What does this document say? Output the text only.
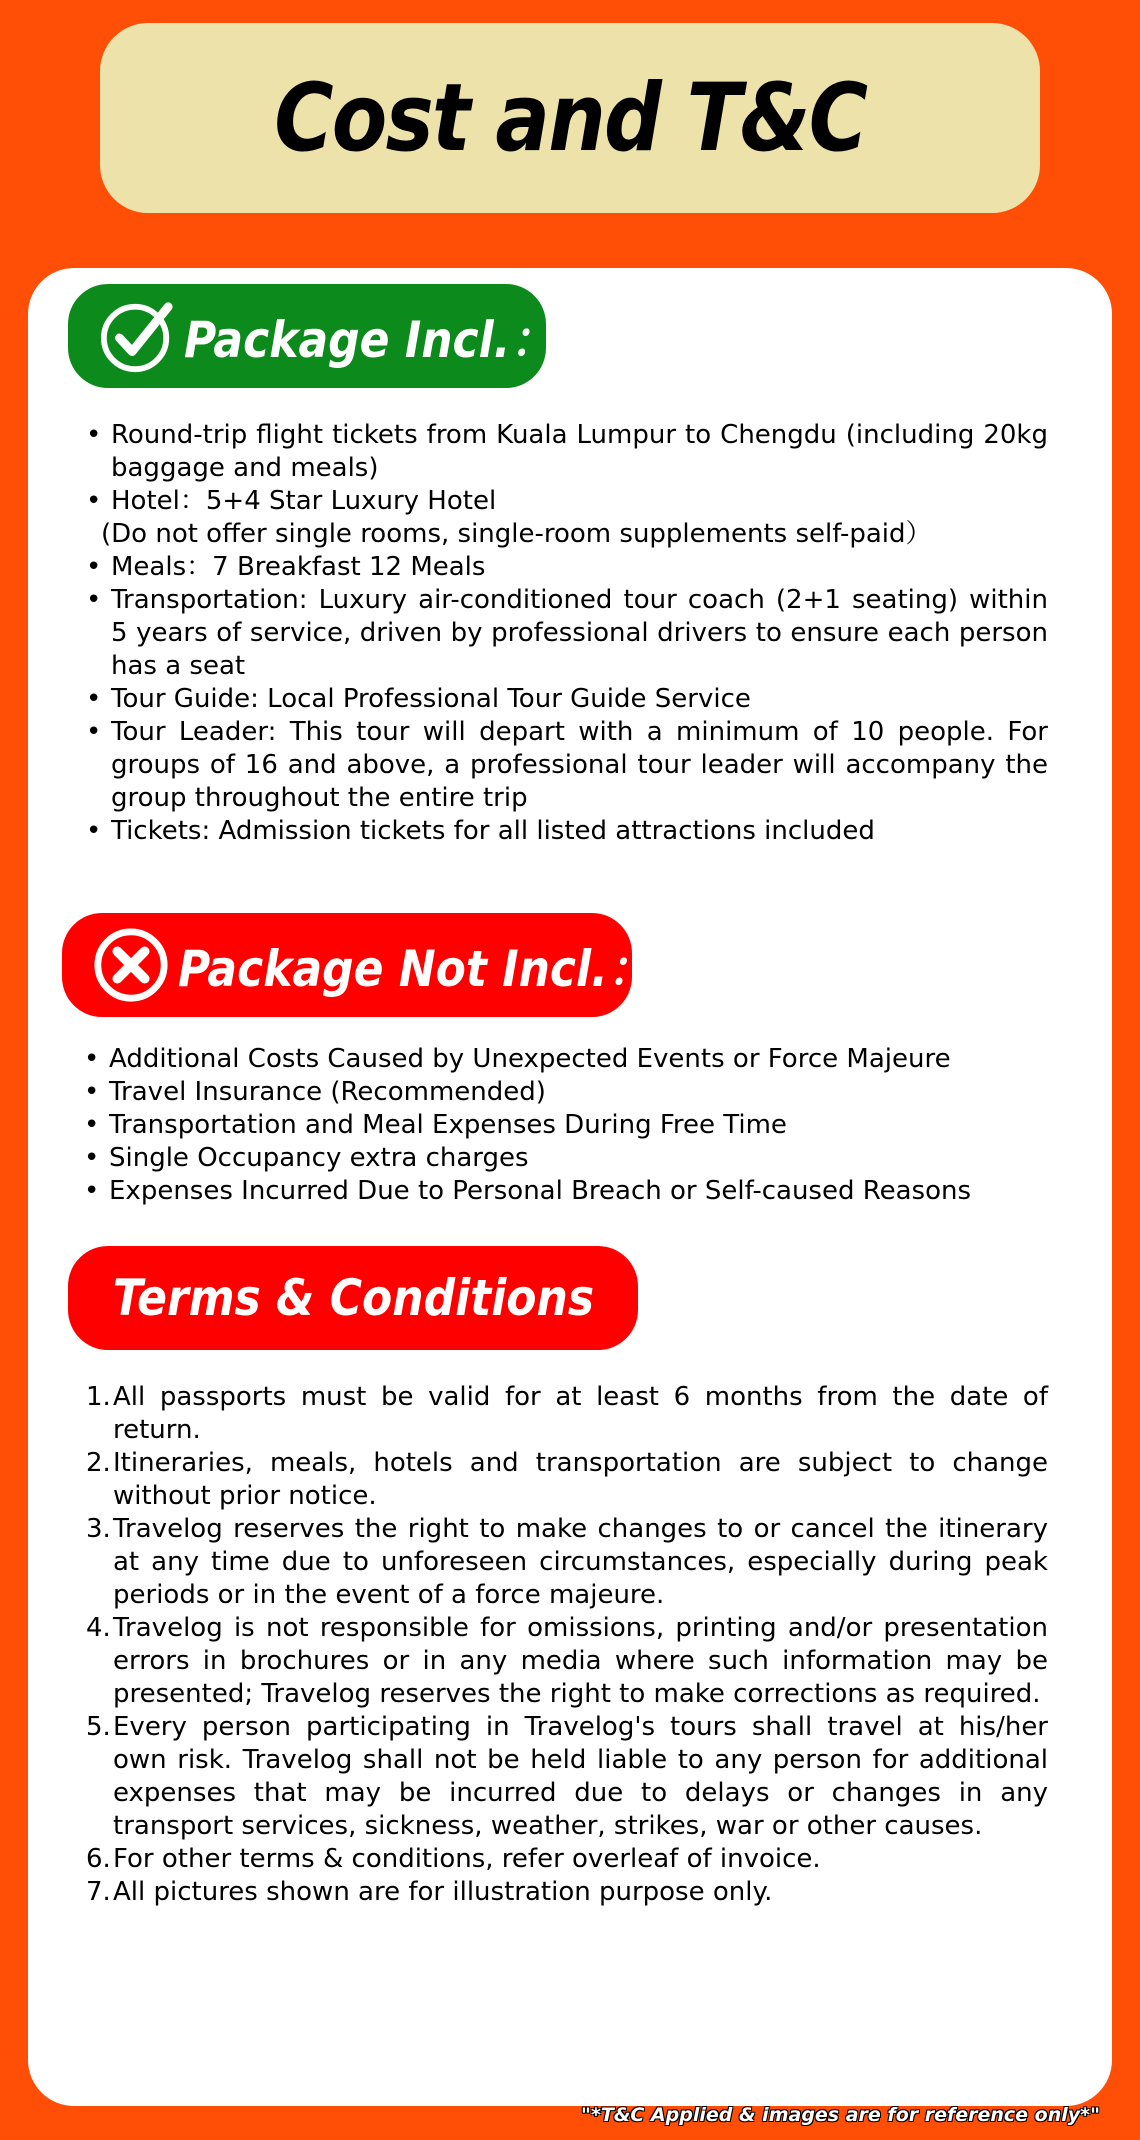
Cost and T&C
Package Incl.：
• Round-trip flight tickets from Kuala Lumpur to Chengdu (including 20kg baggage and meals)
• Hotel：5+4 Star Luxury Hotel
(Do not offer single rooms, single-room supplements self-paid）
• Meals：7 Breakfast 12 Meals
• Transportation: Luxury air-conditioned tour coach (2+1 seating) within 5 years of service, driven by professional drivers to ensure each person has a seat
• Tour Guide: Local Professional Tour Guide Service
• Tour Leader: This tour will depart with a minimum of 10 people. For groups of 16 and above, a professional tour leader will accompany the group throughout the entire trip
• Tickets: Admission tickets for all listed attractions included
Package Not Incl.：
• Additional Costs Caused by Unexpected Events or Force Majeure
• Travel Insurance (Recommended)
• Transportation and Meal Expenses During Free Time
• Single Occupancy extra charges
• Expenses Incurred Due to Personal Breach or Self-caused Reasons
Terms & Conditions
1. All passports must be valid for at least 6 months from the date of return.
2. Itineraries, meals, hotels and transportation are subject to change without prior notice.
3. Travelog reserves the right to make changes to or cancel the itinerary at any time due to unforeseen circumstances, especially during peak periods or in the event of a force majeure.
4. Travelog is not responsible for omissions, printing and/or presentation errors in brochures or in any media where such information may be presented; Travelog reserves the right to make corrections as required.
5. Every person participating in Travelog's tours shall travel at his/her own risk. Travelog shall not be held liable to any person for additional expenses that may be incurred due to delays or changes in any transport services, sickness, weather, strikes, war or other causes.
6. For other terms & conditions, refer overleaf of invoice.
7. All pictures shown are for illustration purpose only.
"*T&C Applied & images are for reference only*"
